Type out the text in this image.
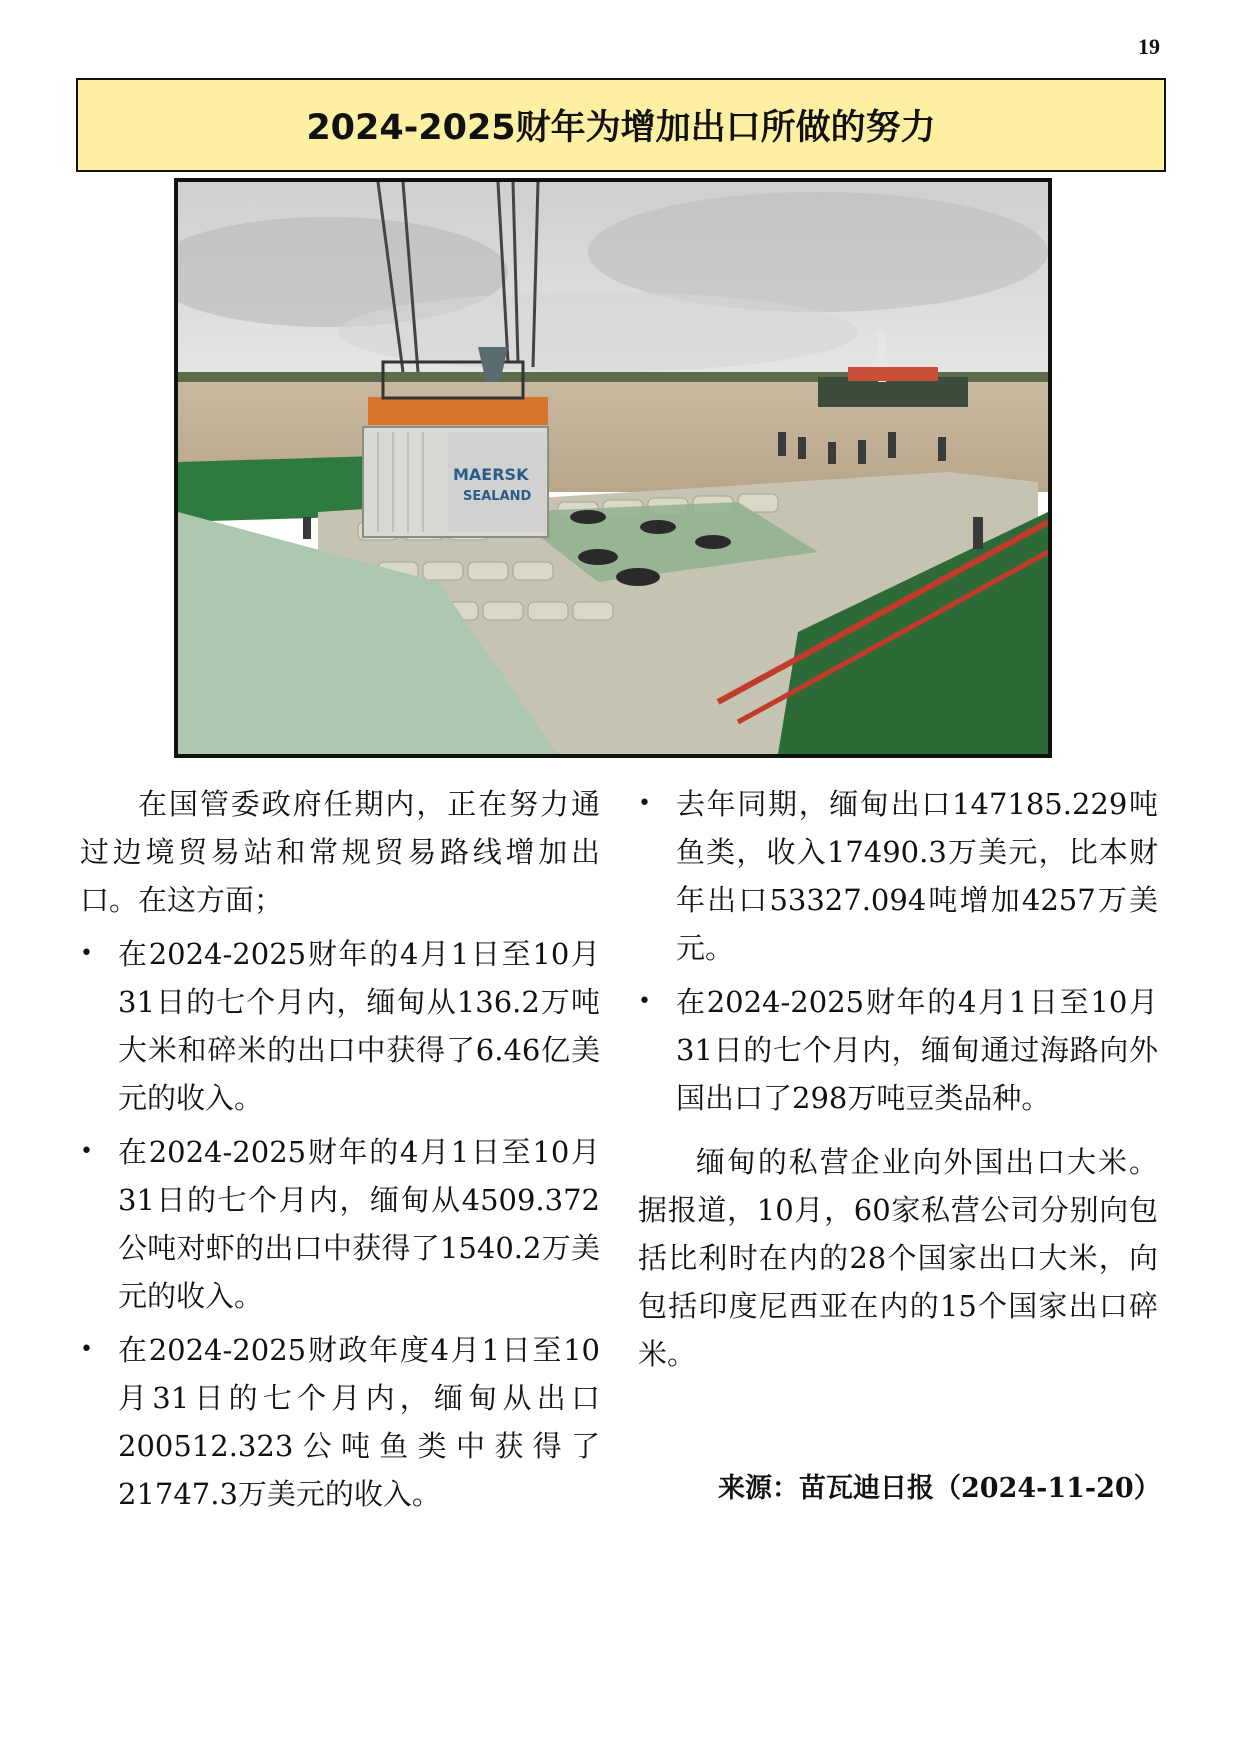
19
2024-2025财年为增加出口所做的努力
MAERSK
SEALAND

在国管委政府任期内，正在努力通过边境贸易站和常规贸易路线增加出口。在这方面；

• 在2024-2025财年的4月1日至10月31日的七个月内，缅甸从136.2万吨大米和碎米的出口中获得了6.46亿美元的收入。
• 在2024-2025财年的4月1日至10月31日的七个月内，缅甸从4509.372公吨对虾的出口中获得了1540.2万美元的收入。
• 在2024-2025财政年度4月1日至10月31日的七个月内，缅甸从出口200512.323公吨鱼类中获得了21747.3万美元的收入。
• 去年同期，缅甸出口147185.229吨鱼类，收入17490.3万美元，比本财年出口53327.094吨增加4257万美元。
• 在2024-2025财年的4月1日至10月31日的七个月内，缅甸通过海路向外国出口了298万吨豆类品种。

缅甸的私营企业向外国出口大米。据报道，10月，60家私营公司分别向包括比利时在内的28个国家出口大米，向包括印度尼西亚在内的15个国家出口碎米。

来源：苗瓦迪日报（2024-11-20）
